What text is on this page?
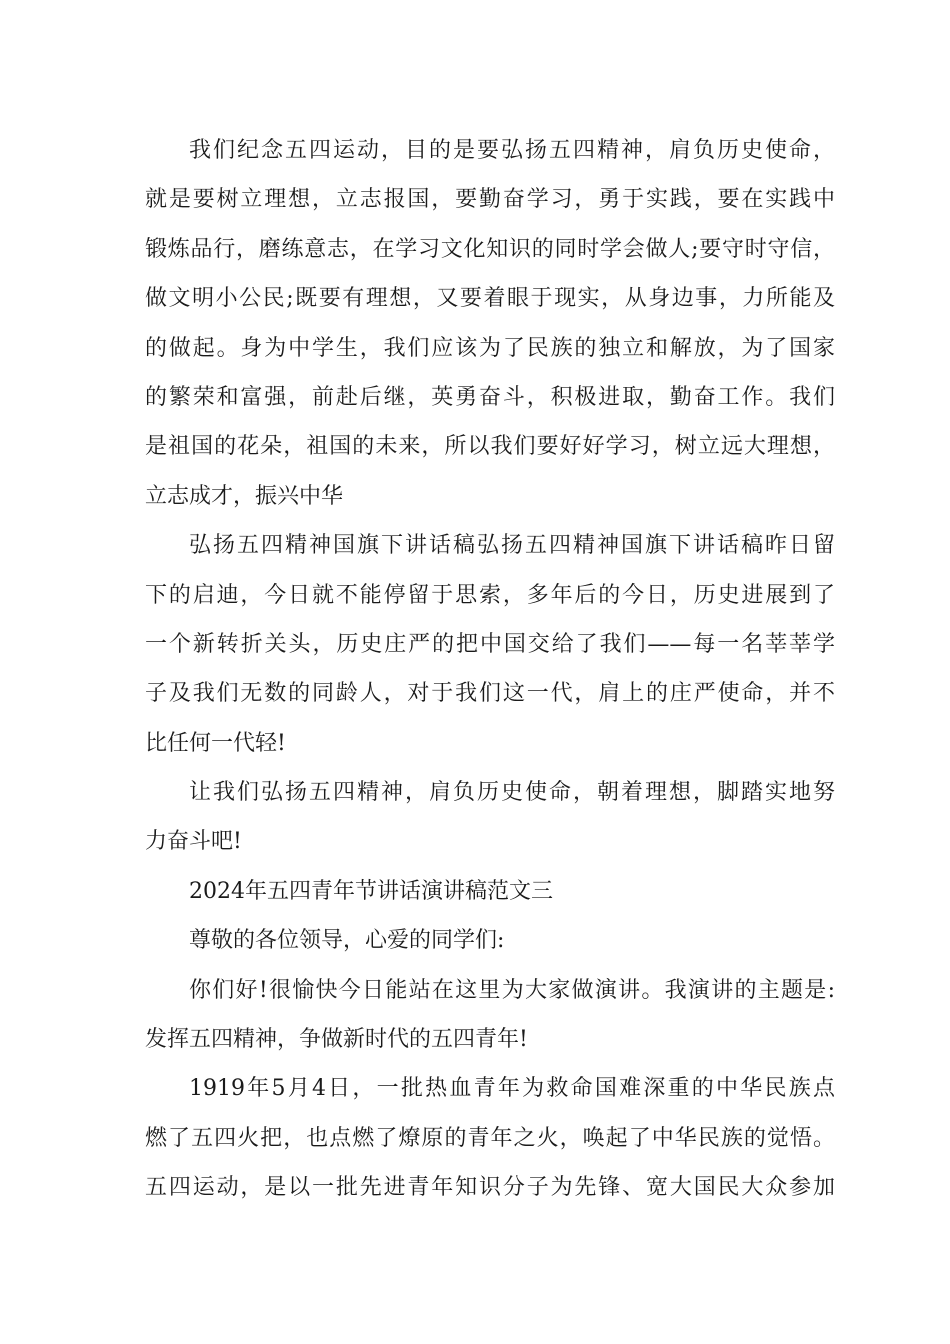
我们纪念五四运动，目的是要弘扬五四精神，肩负历史使命，
就是要树立理想，立志报国，要勤奋学习，勇于实践，要在实践中
锻炼品行，磨练意志，在学习文化知识的同时学会做人;要守时守信，
做文明小公民;既要有理想，又要着眼于现实，从身边事，力所能及
的做起。身为中学生，我们应该为了民族的独立和解放，为了国家
的繁荣和富强，前赴后继，英勇奋斗，积极进取，勤奋工作。我们
是祖国的花朵，祖国的未来，所以我们要好好学习，树立远大理想，
立志成才，振兴中华
弘扬五四精神国旗下讲话稿弘扬五四精神国旗下讲话稿昨日留
下的启迪，今日就不能停留于思索，多年后的今日，历史进展到了
一个新转折关头，历史庄严的把中国交给了我们——每一名莘莘学
子及我们无数的同龄人，对于我们这一代，肩上的庄严使命，并不
比任何一代轻!
让我们弘扬五四精神，肩负历史使命，朝着理想，脚踏实地努
力奋斗吧!
2024年五四青年节讲话演讲稿范文三
尊敬的各位领导，心爱的同学们:
你们好!很愉快今日能站在这里为大家做演讲。我演讲的主题是:
发挥五四精神，争做新时代的五四青年!
1919年5月4日，一批热血青年为救命国难深重的中华民族点
燃了五四火把，也点燃了燎原的青年之火，唤起了中华民族的觉悟。
五四运动，是以一批先进青年知识分子为先锋、宽大国民大众参加
